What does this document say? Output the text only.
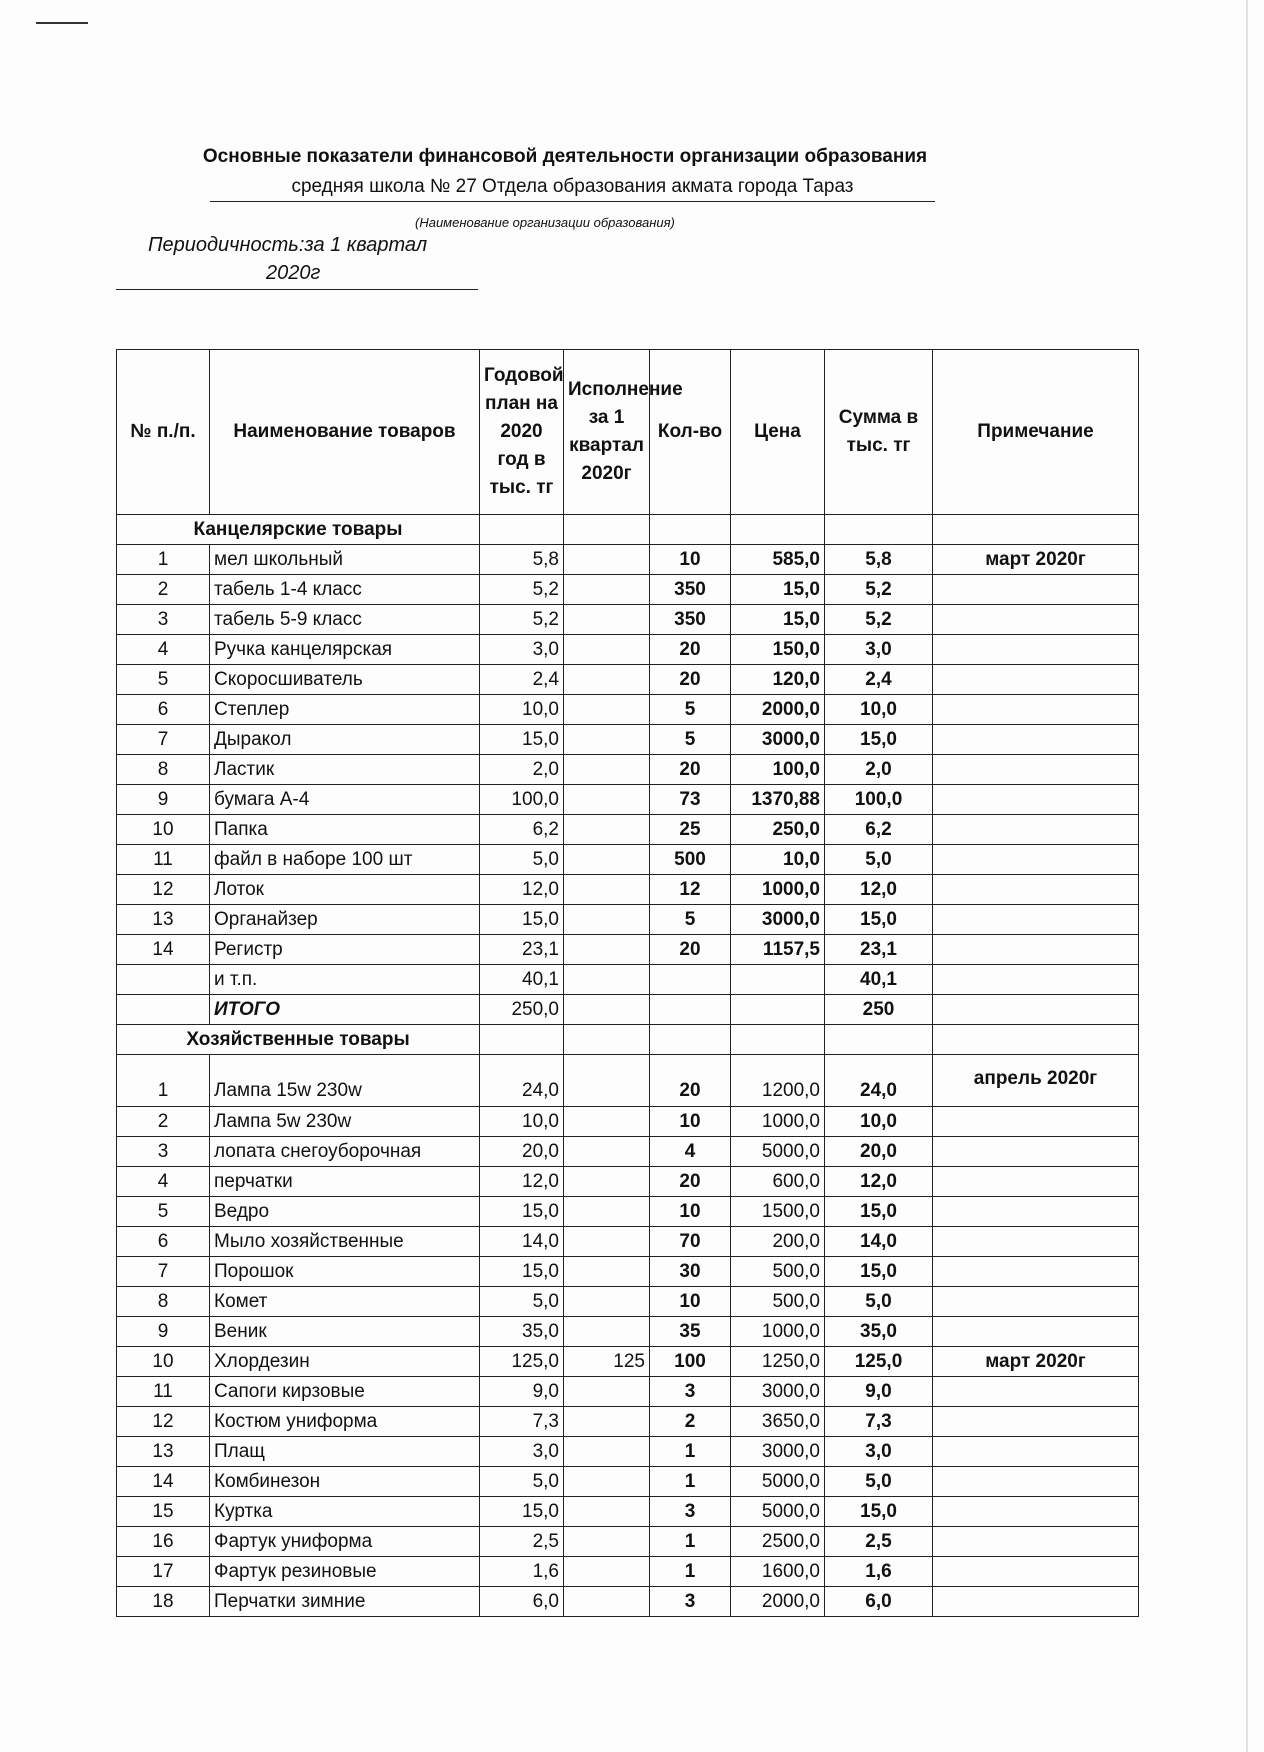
Основные показатели финансовой деятельности организации образования
средняя школа № 27 Отдела образования акмата города Тараз
(Наименование организации образования)
Периодичность:за 1 квартал
2020г
№ п./п.	Наименование товаров	Годовой план на 2020 год в тыс. тг	Исполнение за 1 квартал 2020г	Кол-во	Цена	Сумма в тыс. тг	Примечание
Канцелярские товары							
1	мел школьный	5,8		10	585,0	5,8	март 2020г
2	табель 1-4 класс	5,2		350	15,0	5,2	
3	табель 5-9 класс	5,2		350	15,0	5,2	
4	Ручка канцелярская	3,0		20	150,0	3,0	
5	Скоросшиватель	2,4		20	120,0	2,4	
6	Степлер	10,0		5	2000,0	10,0	
7	Дыракол	15,0		5	3000,0	15,0	
8	Ластик	2,0		20	100,0	2,0	
9	бумага А-4	100,0		73	1370,88	100,0	
10	Папка	6,2		25	250,0	6,2	
11	файл в наборе 100 шт	5,0		500	10,0	5,0	
12	Лоток	12,0		12	1000,0	12,0	
13	Органайзер	15,0		5	3000,0	15,0	
14	Регистр	23,1		20	1157,5	23,1	
	и т.п.	40,1				40,1	
	ИТОГО	250,0				250	
Хозяйственные товары							
1	Лампа 15w 230w	24,0		20	1200,0	24,0	апрель 2020г
2	Лампа 5w 230w	10,0		10	1000,0	10,0	
3	лопата снегоуборочная	20,0		4	5000,0	20,0	
4	перчатки	12,0		20	600,0	12,0	
5	Ведро	15,0		10	1500,0	15,0	
6	Мыло хозяйственные	14,0		70	200,0	14,0	
7	Порошок	15,0		30	500,0	15,0	
8	Комет	5,0		10	500,0	5,0	
9	Веник	35,0		35	1000,0	35,0	
10	Хлордезин	125,0	125	100	1250,0	125,0	март 2020г
11	Сапоги кирзовые	9,0		3	3000,0	9,0	
12	Костюм униформа	7,3		2	3650,0	7,3	
13	Плащ	3,0		1	3000,0	3,0	
14	Комбинезон	5,0		1	5000,0	5,0	
15	Куртка	15,0		3	5000,0	15,0	
16	Фартук униформа	2,5		1	2500,0	2,5	
17	Фартук резиновые	1,6		1	1600,0	1,6	
18	Перчатки зимние	6,0		3	2000,0	6,0	
